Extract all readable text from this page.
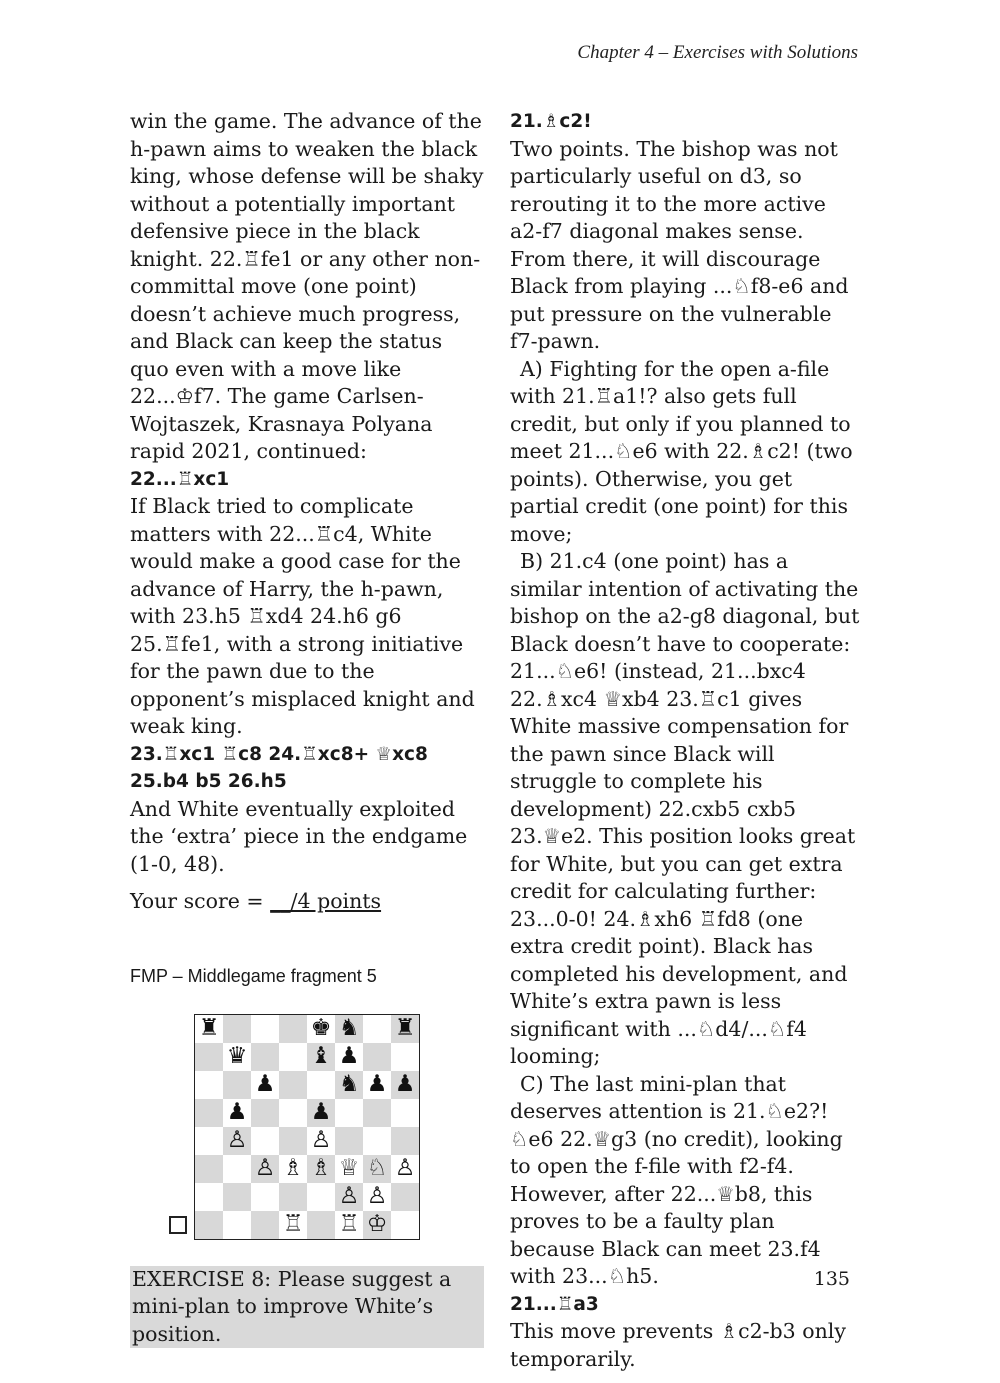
Chapter 4 – Exercises with Solutions

win the game. The advance of the h-pawn aims to weaken the black king, whose defense will be shaky without a potentially important defensive piece in the black knight. 22.♖fe1 or any other non-committal move (one point) doesn’t achieve much progress, and Black can keep the status quo even with a move like 22...♔f7. The game Carlsen-Wojtaszek, Krasnaya Polyana rapid 2021, continued:

22...♖xc1

If Black tried to complicate matters with 22...♖c4, White would make a good case for the advance of Harry, the h-pawn, with 23.h5 ♖xd4 24.h6 g6 25.♖fe1, with a strong initiative for the pawn due to the opponent’s misplaced knight and weak king.

23.♖xc1 ♖c8 24.♖xc8+ ♕xc8 25.b4 b5 26.h5

And White eventually exploited the ‘extra’ piece in the endgame (1-0, 48).

Your score = __/4 points

FMP – Middlegame fragment 5
♜	♚ ♞ ♜
♛	♝ ♟
♟	♞ ♟ ♟
♟	♟
♙	♙
♙ ♗ ♗ ♕ ♘ ♙
♙ ♙
♖ ♖ ♔
EXERCISE 8: Please suggest a mini-plan to improve White’s position.

21.♗c2!

Two points. The bishop was not particularly useful on d3, so rerouting it to the more active a2-f7 diagonal makes sense. From there, it will discourage Black from playing ...♘f8-e6 and put pressure on the vulnerable f7-pawn.

A) Fighting for the open a-file with 21.♖a1!? also gets full credit, but only if you planned to meet 21...♘e6 with 22.♗c2! (two points). Otherwise, you get partial credit (one point) for this move;

B) 21.c4 (one point) has a similar intention of activating the bishop on the a2-g8 diagonal, but Black doesn’t have to cooperate: 21...♘e6! (instead, 21...bxc4 22.♗xc4 ♕xb4 23.♖c1 gives White massive compensation for the pawn since Black will struggle to complete his development) 22.cxb5 cxb5 23.♕e2. This position looks great for White, but you can get extra credit for calculating further: 23...0-0! 24.♗xh6 ♖fd8 (one extra credit point). Black has completed his development, and White’s extra pawn is less significant with ...♘d4/...♘f4 looming;

C) The last mini-plan that deserves attention is 21.♘e2?! ♘e6 22.♕g3 (no credit), looking to open the f-file with f2-f4. However, after 22...♕b8, this proves to be a faulty plan because Black can meet 23.f4 with 23...♘h5.

21...♖a3

This move prevents ♗c2-b3 only temporarily.

135
